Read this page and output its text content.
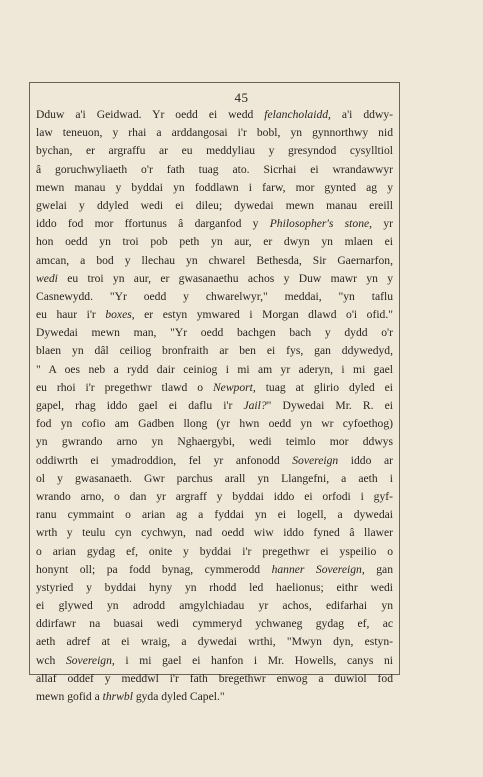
45
Dduw a'i Geidwad. Yr oedd ei wedd felancholaidd, a'i ddwy-
law teneuon, y rhai a arddangosai i'r bobl, yn gynnorthwy nid
bychan, er argraffu ar eu meddyliau y gresyndod cysylltiol
â goruchwyliaeth o'r fath tuag ato. Sicrhai ei wrandawwyr
mewn manau y byddai yn foddlawn i farw, mor gynted ag y
gwelai y ddyled wedi ei dileu; dywedai mewn manau ereill
iddo fod mor ffortunus â darganfod y Philosopher's stone, yr
hon oedd yn troi pob peth yn aur, er dwyn yn mlaen ei
amcan, a bod y llechau yn chwarel Bethesda, Sir Gaernarfon,
wedi eu troi yn aur, er gwasanaethu achos y Duw mawr yn y
Casnewydd. "Yr oedd y chwarelwyr," meddai, "yn taflu
eu haur i'r boxes, er estyn ymwared i Morgan dlawd o'i ofid."
Dywedai mewn man, "Yr oedd bachgen bach y dydd o'r
blaen yn dâl ceiliog bronfraith ar ben ei fys, gan ddywedyd,
" A oes neb a rydd dair ceiniog i mi am yr aderyn, i mi gael
eu rhoi i'r pregethwr tlawd o Newport, tuag at glirio dyled ei
gapel, rhag iddo gael ei daflu i'r Jail?" Dywedai Mr. R. ei
fod yn cofio am Gadben llong (yr hwn oedd yn wr cyfoethog)
yn gwrando arno yn Nghaergybi, wedi teimlo mor ddwys
oddiwrth ei ymadroddion, fel yr anfonodd Sovereign iddo ar
ol y gwasanaeth. Gwr parchus arall yn Llangefni, a aeth i
wrando arno, o dan yr argraff y byddai iddo ei orfodi i gyf-
ranu cymmaint o arian ag a fyddai yn ei logell, a dywedai
wrth y teulu cyn cychwyn, nad oedd wiw iddo fyned â llawer
o arian gydag ef, onite y byddai i'r pregethwr ei yspeilio o
honynt oll; pa fodd bynag, cymmerodd hanner Sovereign, gan
ystyried y byddai hyny yn rhodd led haelionus; eithr wedi
ei glywed yn adrodd amgylchiadau yr achos, edifarhai yn
ddirfawr na buasai wedi cymmeryd ychwaneg gydag ef, ac
aeth adref at ei wraig, a dywedai wrthi, "Mwyn dyn, estyn-
wch Sovereign, i mi gael ei hanfon i Mr. Howells, canys ni
allaf oddef y meddwl i'r fath bregethwr enwog a duwiol fod
mewn gofid a thrwbl gyda dyled Capel."
